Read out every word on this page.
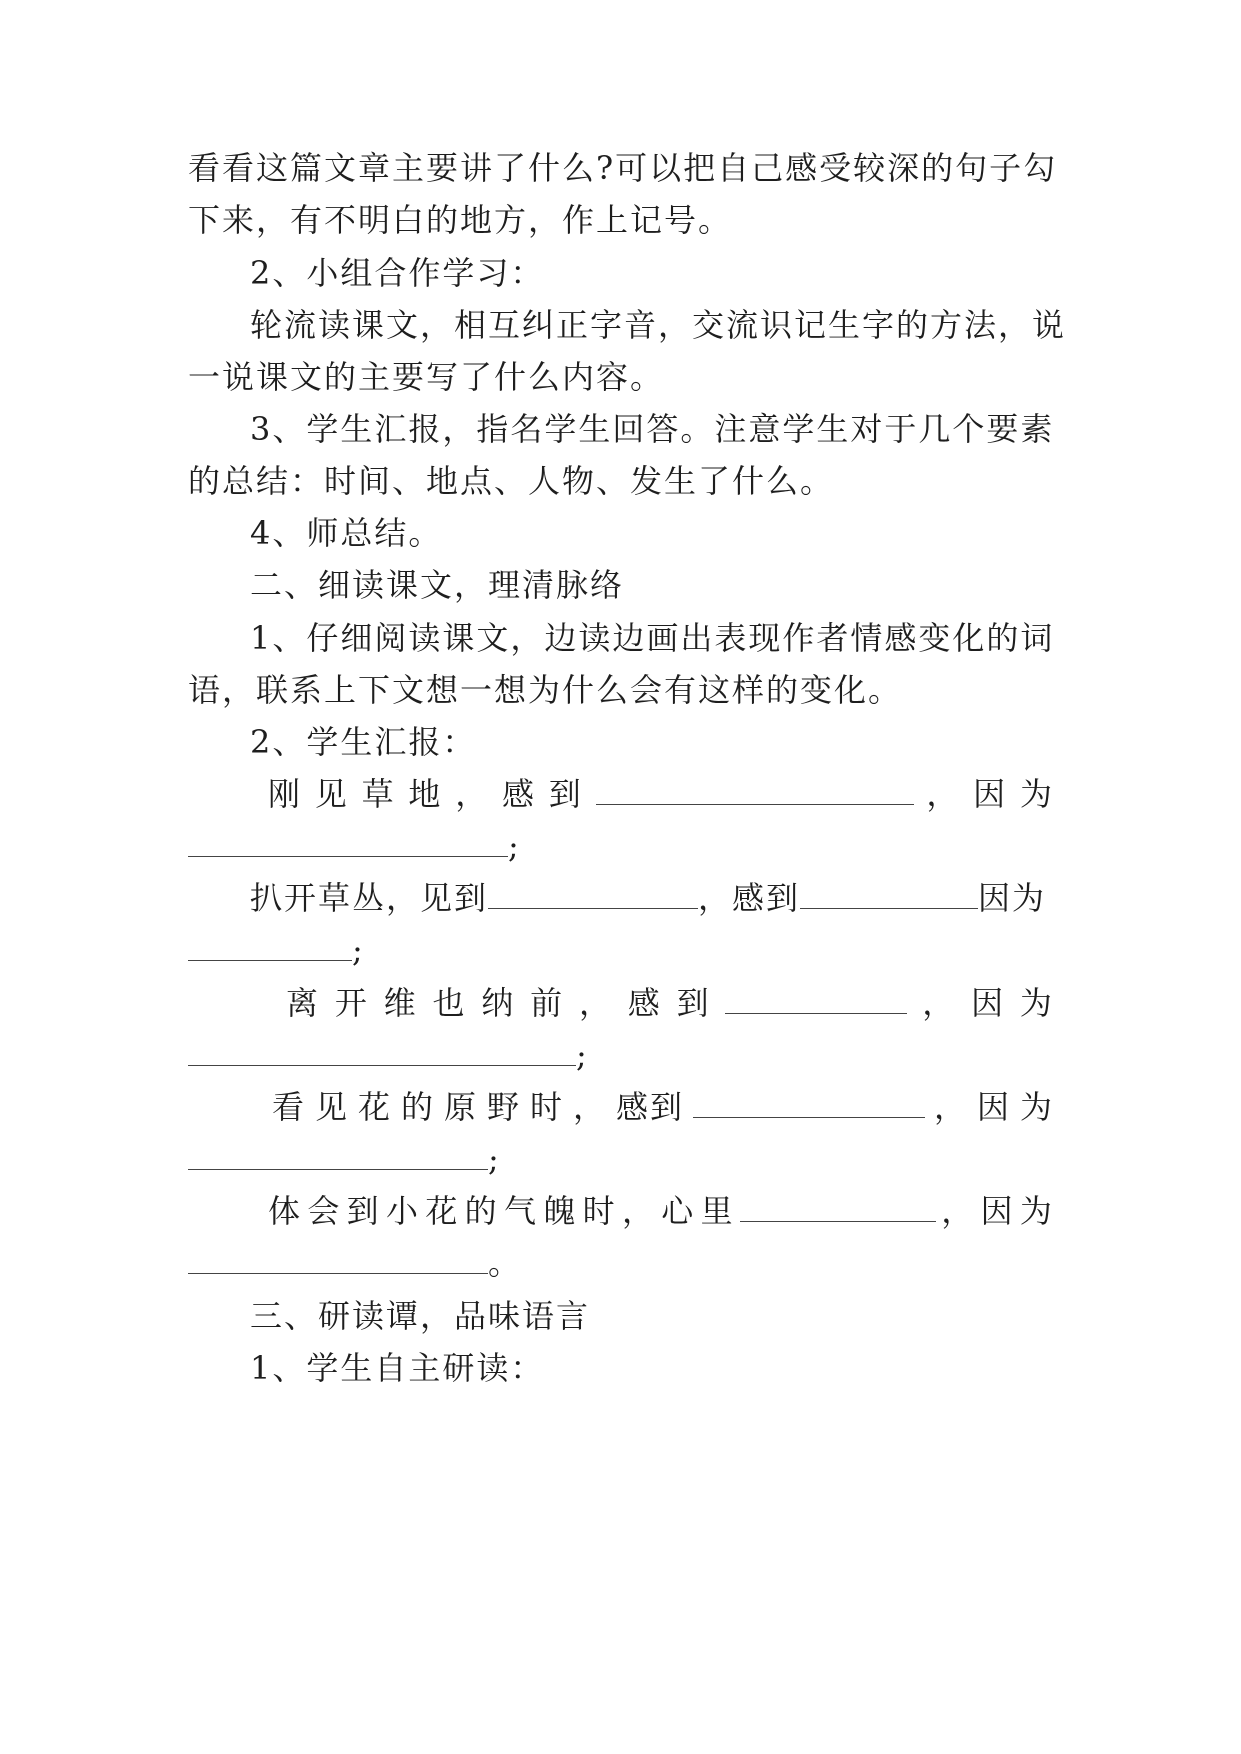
看看这篇文章主要讲了什么?可以把自己感受较深的句子勾
下来，有不明白的地方，作上记号。
2、小组合作学习：
轮流读课文，相互纠正字音，交流识记生字的方法，说
一说课文的主要写了什么内容。
3、学生汇报，指名学生回答。注意学生对于几个要素
的总结：时间、地点、人物、发生了什么。
4、师总结。
二、细读课文，理清脉络
1、仔细阅读课文，边读边画出表现作者情感变化的词
语，联系上下文想一想为什么会有这样的变化。
2、学生汇报：
刚 见 草 地 ， 感 到	， 因 为
;
扒开草丛，见到	，感到	因为
;
离 开 维 也 纳 前 ， 感 到	， 因 为
;
看 见 花 的 原 野 时 ， 感到	， 因 为
;
体 会 到 小 花 的 气 魄 时 ， 心 里	， 因 为
。
三、研读谭，品味语言
1、学生自主研读：
